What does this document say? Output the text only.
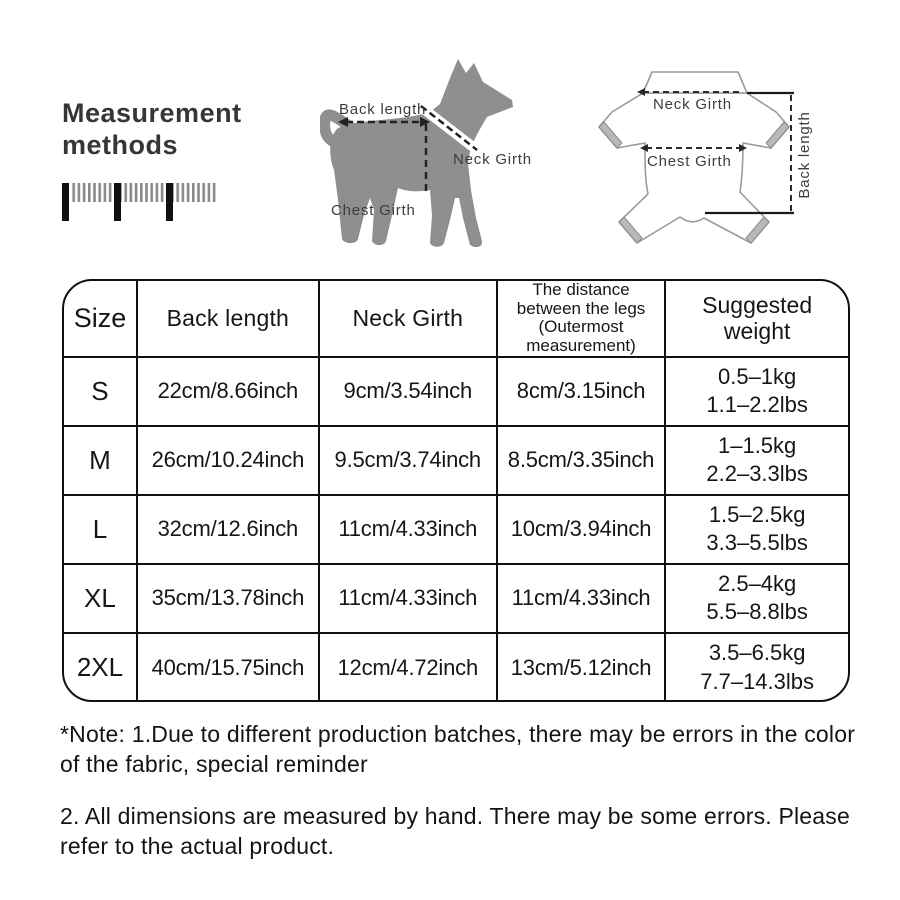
Measurement methods
Back length
Neck Girth
Chest Girth
Neck Girth
Chest Girth	Back length
Size	Back length	Neck Girth	The distance between the legs (Outermost measurement)	Suggested weight
S	22cm/8.66inch	9cm/3.54inch	8cm/3.15inch	0.5–1kg
1.1–2.2lbs

M	26cm/10.24inch	9.5cm/3.74inch	8.5cm/3.35inch	1–1.5kg
2.2–3.3lbs

L	32cm/12.6inch	11cm/4.33inch	10cm/3.94inch	1.5–2.5kg
3.3–5.5lbs

XL	35cm/13.78inch	11cm/4.33inch	11cm/4.33inch	2.5–4kg
5.5–8.8lbs

2XL	40cm/15.75inch	12cm/4.72inch	13cm/5.12inch	3.5–6.5kg
7.7–14.3lbs

*Note: 1.Due to different production batches, there may be errors in the color of the fabric, special reminder

2. All dimensions are measured by hand. There may be some errors. Please refer to the actual product.
